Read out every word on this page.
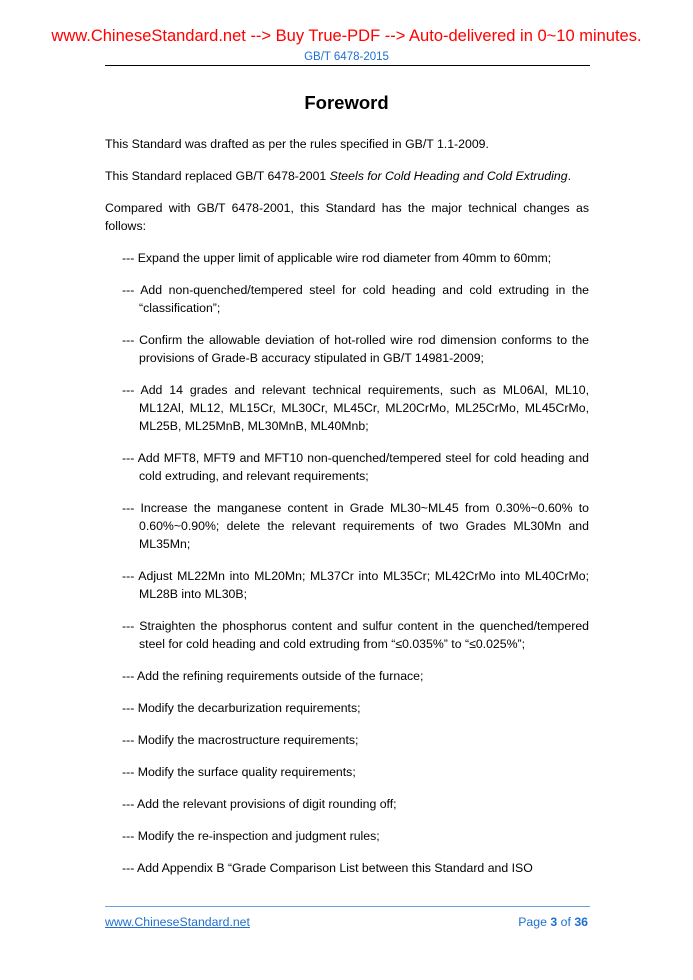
www.ChineseStandard.net --> Buy True-PDF --> Auto-delivered in 0~10 minutes.
GB/T 6478-2015
Foreword

This Standard was drafted as per the rules specified in GB/T 1.1-2009.

This Standard replaced GB/T 6478-2001 Steels for Cold Heading and Cold Extruding.

Compared with GB/T 6478-2001, this Standard has the major technical changes as follows:

--- Expand the upper limit of applicable wire rod diameter from 40mm to 60mm;

--- Add non-quenched/tempered steel for cold heading and cold extruding in the “classification”;

--- Confirm the allowable deviation of hot-rolled wire rod dimension conforms to the provisions of Grade-B accuracy stipulated in GB/T 14981-2009;

--- Add 14 grades and relevant technical requirements, such as ML06Al, ML10, ML12Al, ML12, ML15Cr, ML30Cr, ML45Cr, ML20CrMo, ML25CrMo, ML45CrMo, ML25B, ML25MnB, ML30MnB, ML40Mnb;

--- Add MFT8, MFT9 and MFT10 non-quenched/tempered steel for cold heading and cold extruding, and relevant requirements;

--- Increase the manganese content in Grade ML30~ML45 from 0.30%~0.60% to 0.60%~0.90%; delete the relevant requirements of two Grades ML30Mn and ML35Mn;

--- Adjust ML22Mn into ML20Mn; ML37Cr into ML35Cr; ML42CrMo into ML40CrMo; ML28B into ML30B;

--- Straighten the phosphorus content and sulfur content in the quenched/tempered steel for cold heading and cold extruding from “≤0.035%” to “≤0.025%”;

--- Add the refining requirements outside of the furnace;

--- Modify the decarburization requirements;

--- Modify the macrostructure requirements;

--- Modify the surface quality requirements;

--- Add the relevant provisions of digit rounding off;

--- Modify the re-inspection and judgment rules;

--- Add Appendix B “Grade Comparison List between this Standard and ISO

www.ChineseStandard.net	Page 3 of 36
